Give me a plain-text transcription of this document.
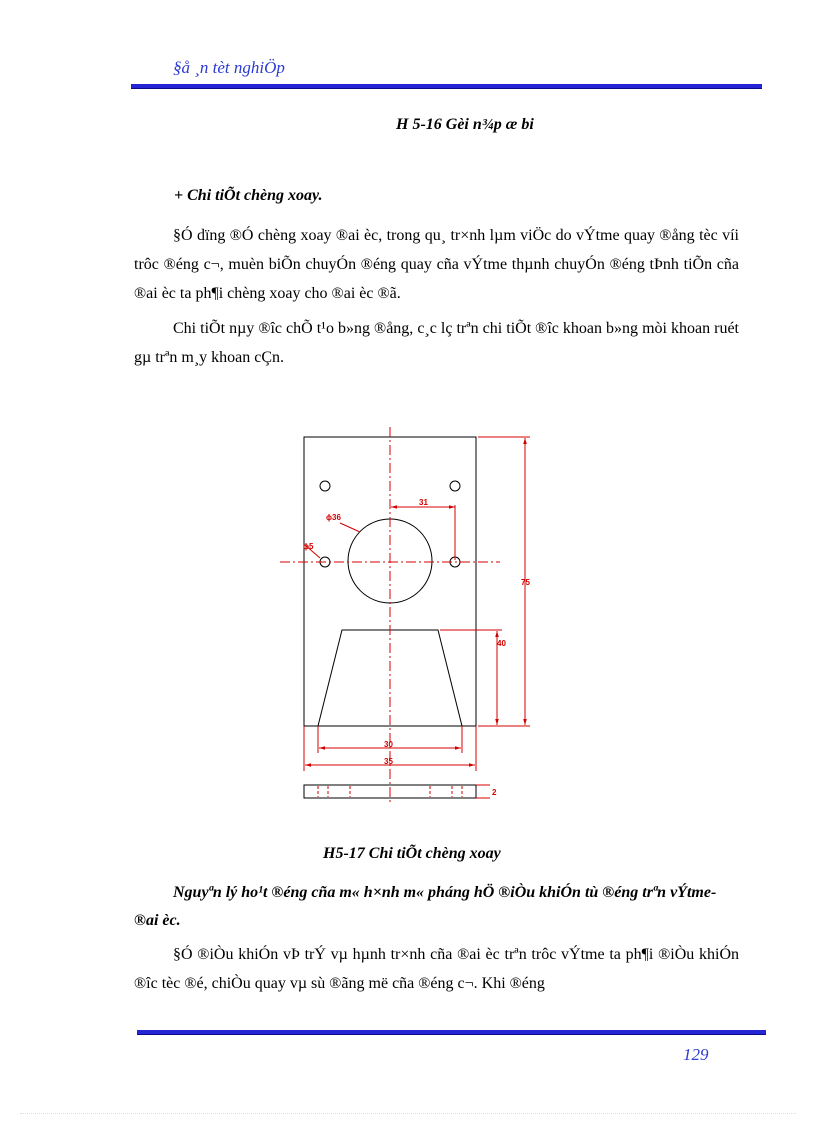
§å ¸n tèt nghiÖp
H 5-16 Gèi n¾p æ bi
+ Chi tiÕt chèng xoay.
§Ó dïng ®Ó chèng xoay ®ai èc, trong qu¸ tr×nh lµm viÖc do vÝtme quay ®ång tèc víi trôc ®éng c¬, muèn biÕn chuyÓn ®éng quay cña vÝtme thµnh chuyÓn ®éng tÞnh tiÕn cña ®ai èc ta ph¶i chèng xoay cho ®ai èc ®ã.
Chi tiÕt nµy ®îc chÕ t¹o b»ng ®ång, c¸c lç trªn chi tiÕt ®îc khoan b»ng mòi khoan ruét gµ trªn m¸y khoan cÇn.
31
ϕ36
ϕ5
75
40
30
35
2
H5-17 Chi tiÕt chèng xoay
Nguyªn lý ho¹t ®éng cña m« h×nh m« pháng hÖ ®iÒu khiÓn tù ®éng trªn vÝtme-®ai èc.
§Ó ®iÒu khiÓn vÞ trÝ vµ hµnh tr×nh cña ®ai èc trªn trôc vÝtme ta ph¶i ®iÒu khiÓn ®îc tèc ®é, chiÒu quay vµ sù ®ãng më cña ®éng c¬. Khi ®éng
129
